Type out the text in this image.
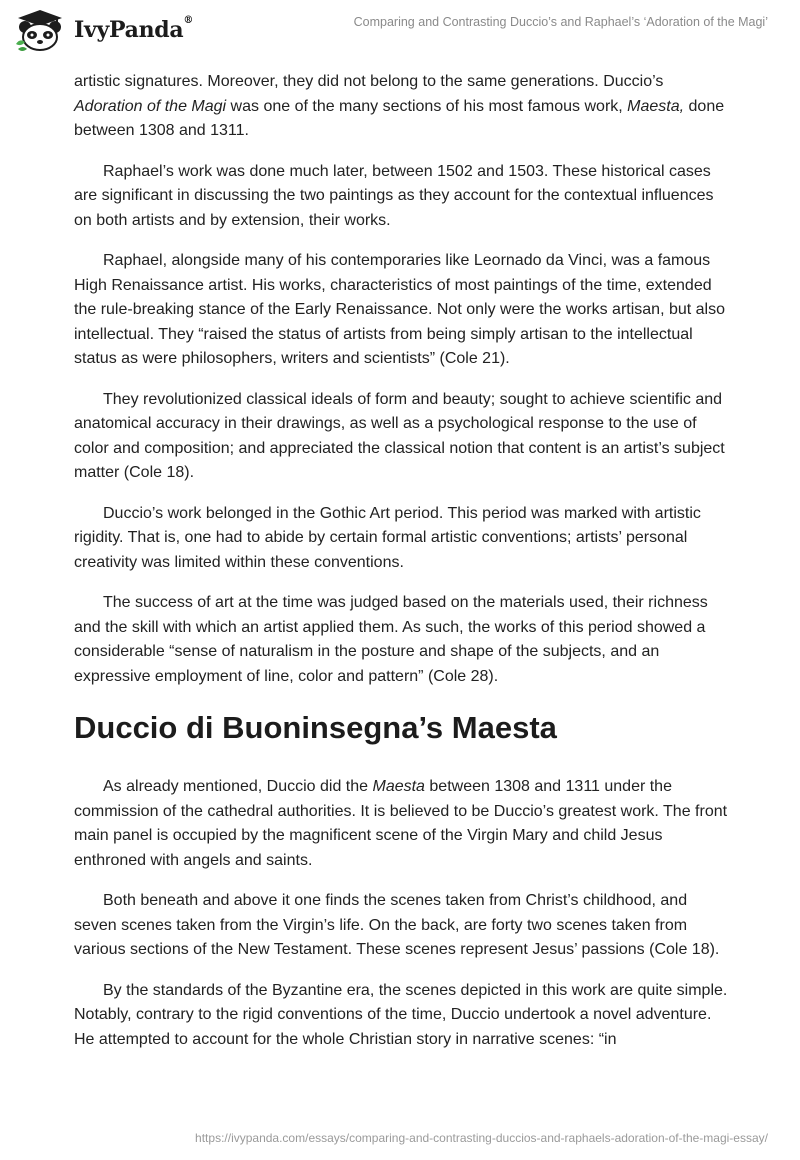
IvyPanda®	Comparing and Contrasting Duccio’s and Raphael’s ‘Adoration of the Magi’

artistic signatures. Moreover, they did not belong to the same generations. Duccio’s Adoration of the Magi was one of the many sections of his most famous work, Maesta, done between 1308 and 1311.

Raphael’s work was done much later, between 1502 and 1503. These historical cases are significant in discussing the two paintings as they account for the contextual influences on both artists and by extension, their works.

Raphael, alongside many of his contemporaries like Leornado da Vinci, was a famous High Renaissance artist. His works, characteristics of most paintings of the time, extended the rule-breaking stance of the Early Renaissance. Not only were the works artisan, but also intellectual. They “raised the status of artists from being simply artisan to the intellectual status as were philosophers, writers and scientists” (Cole 21).

They revolutionized classical ideals of form and beauty; sought to achieve scientific and anatomical accuracy in their drawings, as well as a psychological response to the use of color and composition; and appreciated the classical notion that content is an artist’s subject matter (Cole 18).

Duccio’s work belonged in the Gothic Art period. This period was marked with artistic rigidity. That is, one had to abide by certain formal artistic conventions; artists’ personal creativity was limited within these conventions.

The success of art at the time was judged based on the materials used, their richness and the skill with which an artist applied them. As such, the works of this period showed a considerable “sense of naturalism in the posture and shape of the subjects, and an expressive employment of line, color and pattern” (Cole 28).

Duccio di Buoninsegna’s Maesta

As already mentioned, Duccio did the Maesta between 1308 and 1311 under the commission of the cathedral authorities. It is believed to be Duccio’s greatest work. The front main panel is occupied by the magnificent scene of the Virgin Mary and child Jesus enthroned with angels and saints.

Both beneath and above it one finds the scenes taken from Christ’s childhood, and seven scenes taken from the Virgin’s life. On the back, are forty two scenes taken from various sections of the New Testament. These scenes represent Jesus’ passions (Cole 18).

By the standards of the Byzantine era, the scenes depicted in this work are quite simple. Notably, contrary to the rigid conventions of the time, Duccio undertook a novel adventure. He attempted to account for the whole Christian story in narrative scenes: “in

https://ivypanda.com/essays/comparing-and-contrasting-duccios-and-raphaels-adoration-of-the-magi-essay/
